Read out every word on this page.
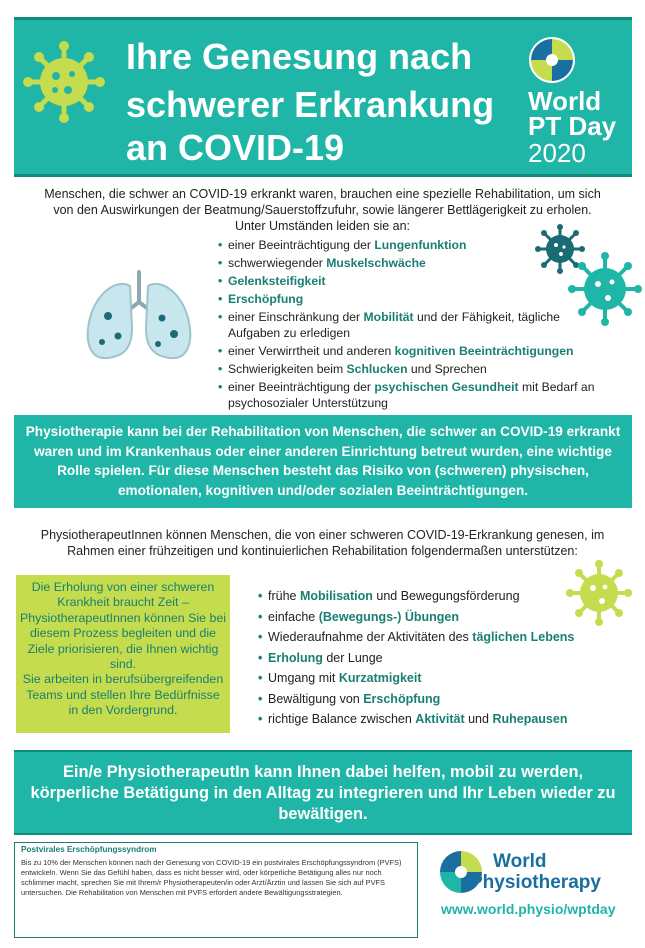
Ihre Genesung nach
schwerer Erkrankung
an COVID-19
World
PT Day
2020
Menschen, die schwer an COVID-19 erkrankt waren, brauchen eine spezielle Rehabilitation, um sich
von den Auswirkungen der Beatmung/Sauerstoffzufuhr, sowie längerer Bettlägerigkeit zu erholen.
Unter Umständen leiden sie an:
• einer Beeinträchtigung der Lungenfunktion
• schwerwiegender Muskelschwäche
• Gelenksteifigkeit
• Erschöpfung
• einer Einschränkung der Mobilität und der Fähigkeit, tägliche Aufgaben zu erledigen
• einer Verwirrtheit und anderen kognitiven Beeinträchtigungen
• Schwierigkeiten beim Schlucken und Sprechen
• einer Beeinträchtigung der psychischen Gesundheit mit Bedarf an psychosozialer Unterstützung
Physiotherapie kann bei der Rehabilitation von Menschen, die schwer an COVID-19 erkrankt waren und im Krankenhaus oder einer anderen Einrichtung betreut wurden, eine wichtige Rolle spielen. Für diese Menschen besteht das Risiko von (schweren) physischen, emotionalen, kognitiven und/oder sozialen Beeinträchtigungen.
PhysiotherapeutInnen können Menschen, die von einer schweren COVID-19-Erkrankung genesen, im
Rahmen einer frühzeitigen und kontinuierlichen Rehabilitation folgendermaßen unterstützen:
Die Erholung von einer schweren Krankheit braucht Zeit – PhysiotherapeutInnen können Sie bei diesem Prozess begleiten und die Ziele priorisieren, die Ihnen wichtig sind.
Sie arbeiten in berufsübergreifenden Teams und stellen Ihre Bedürfnisse in den Vordergrund.
• frühe Mobilisation und Bewegungsförderung
• einfache (Bewegungs-) Übungen
• Wiederaufnahme der Aktivitäten des täglichen Lebens
• Erholung der Lunge
• Umgang mit Kurzatmigkeit
• Bewältigung von Erschöpfung
• richtige Balance zwischen Aktivität und Ruhepausen
Ein/e PhysiotherapeutIn kann Ihnen dabei helfen, mobil zu werden, körperliche Betätigung in den Alltag zu integrieren und Ihr Leben wieder zu bewältigen.
Postvirales Erschöpfungssyndrom
Bis zu 10% der Menschen können nach der Genesung von COVID-19 ein postvirales Erschöpfungssyndrom (PVFS) entwickeln. Wenn Sie das Gefühl haben, dass es nicht besser wird, oder körperliche Betätigung alles nur noch schlimmer macht, sprechen Sie mit Ihrem/r Physiotherapeuten/in oder Arzt/Ärztin und lassen Sie sich auf PVFS untersuchen. Die Rehabilitation von Menschen mit PVFS erfordert andere Bewältigungsstrategien.
World
Physiotherapy
www.world.physio/wptday
